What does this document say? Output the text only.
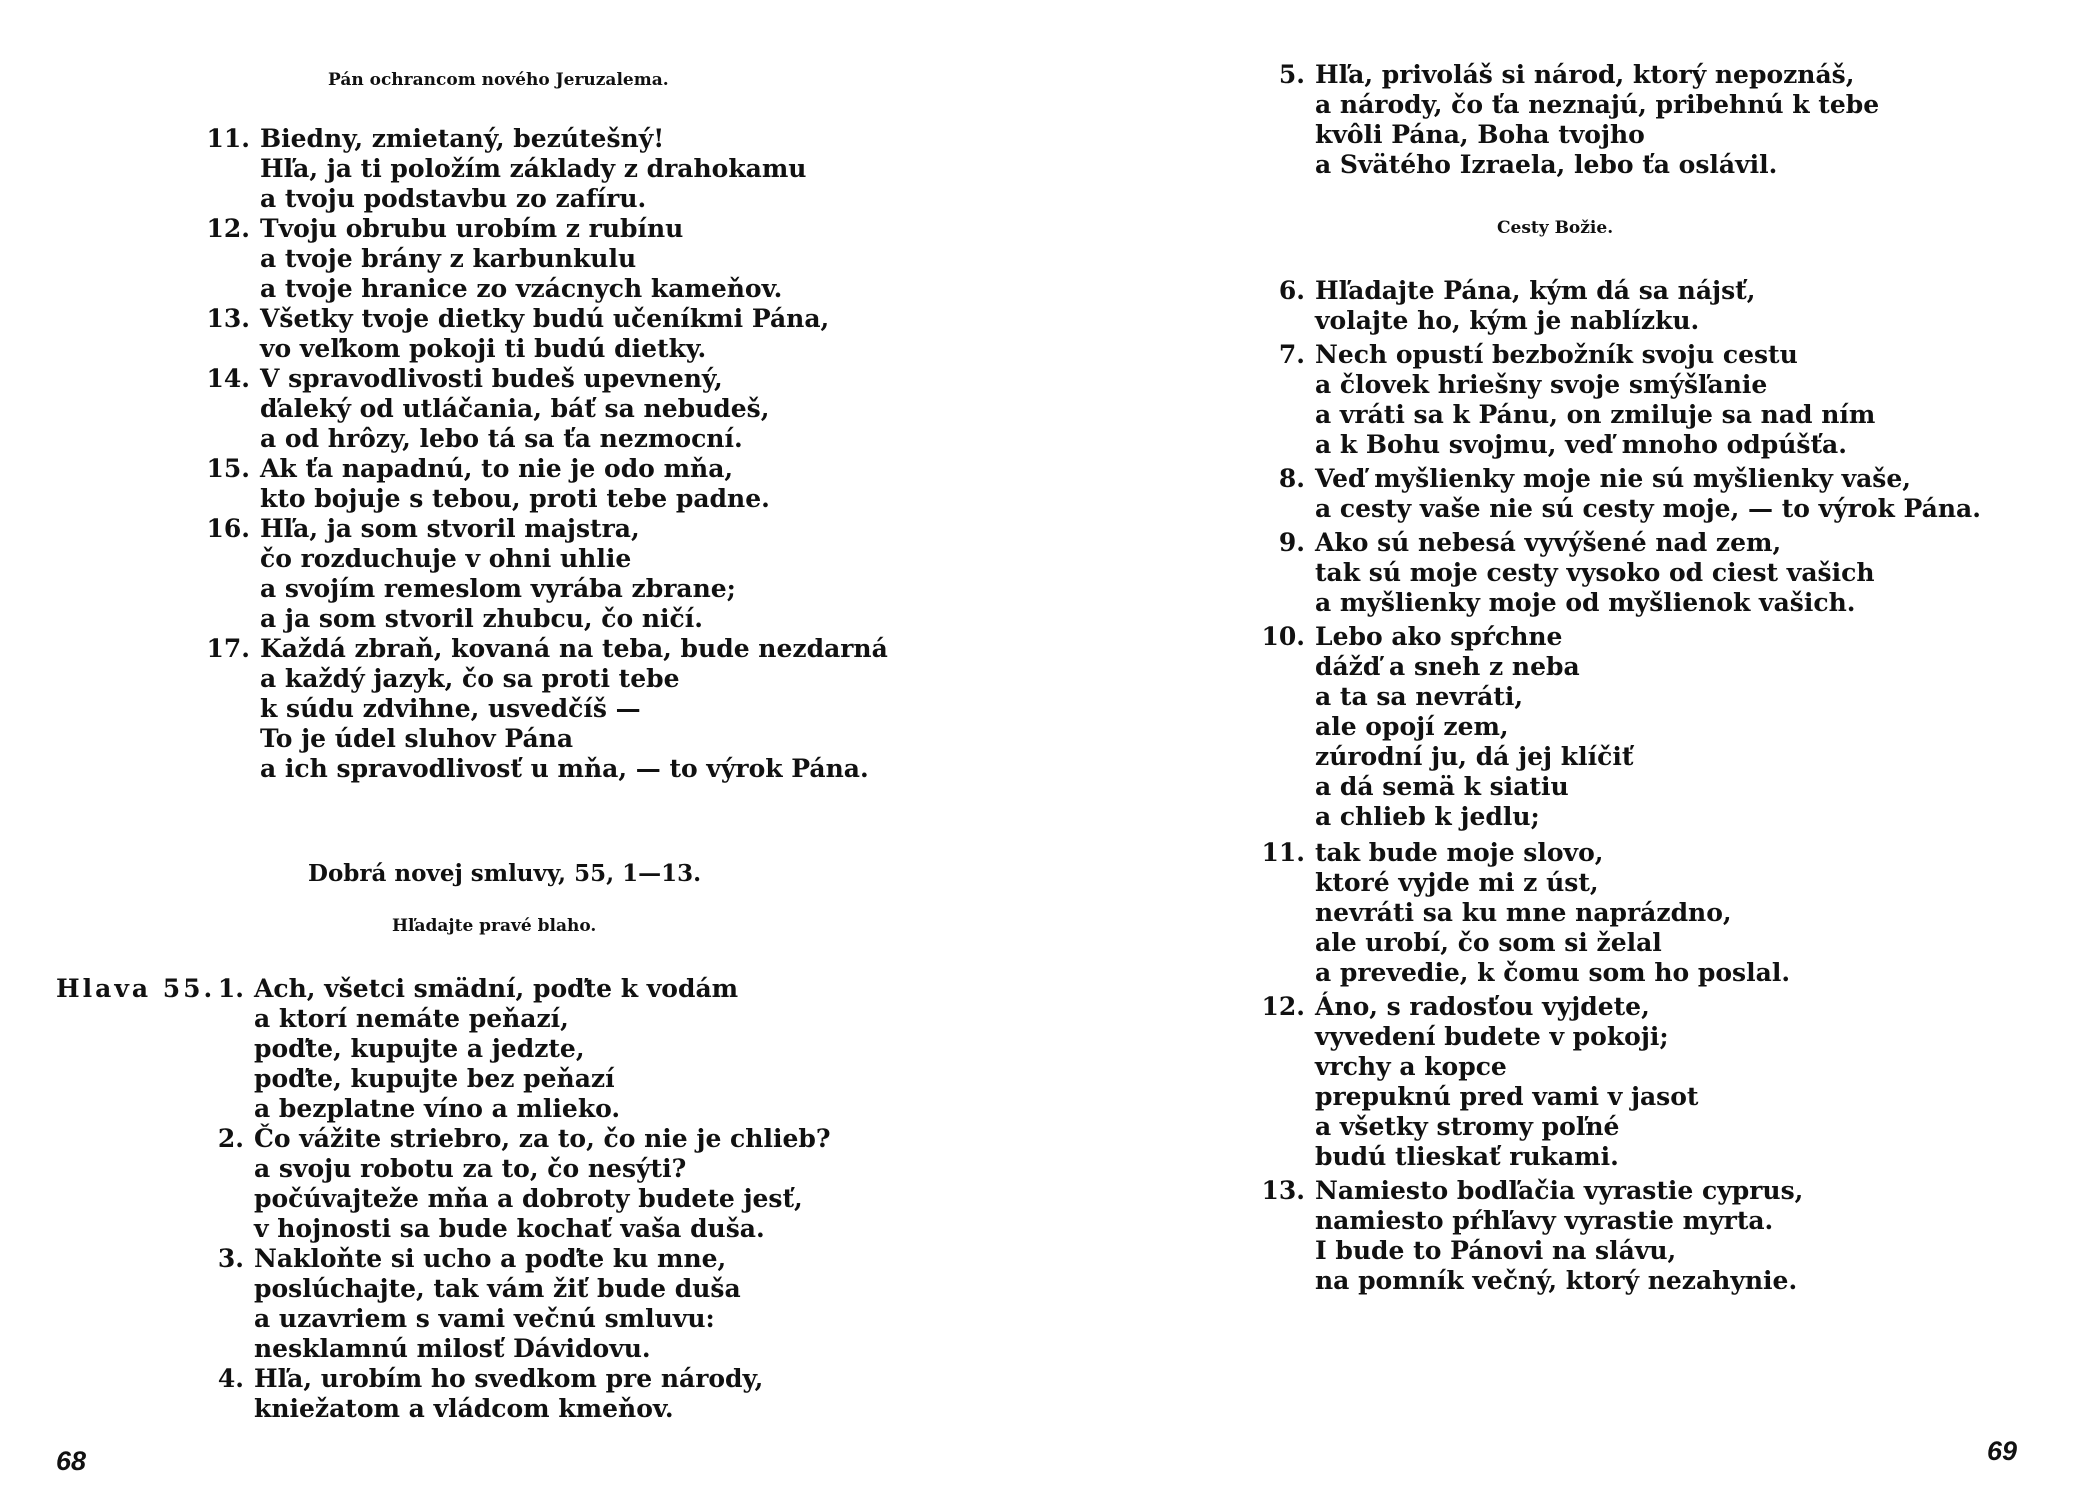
Pán ochrancom nového Jeruzalema.
11. Biedny, zmietaný, bezútešný!
Hľa, ja ti položím základy z drahokamu
a tvoju podstavbu zo zafíru.
12. Tvoju obrubu urobím z rubínu
a tvoje brány z karbunkulu
a tvoje hranice zo vzácnych kameňov.
13. Všetky tvoje dietky budú učeníkmi Pána,
vo veľkom pokoji ti budú dietky.
14. V spravodlivosti budeš upevnený,
ďaleký od utláčania, báť sa nebudeš,
a od hrôzy, lebo tá sa ťa nezmocní.
15. Ak ťa napadnú, to nie je odo mňa,
kto bojuje s tebou, proti tebe padne.
16. Hľa, ja som stvoril majstra,
čo rozduchuje v ohni uhlie
a svojím remeslom vyrába zbrane;
a ja som stvoril zhubcu, čo ničí.
17. Každá zbraň, kovaná na teba, bude nezdarná
a každý jazyk, čo sa proti tebe
k súdu zdvihne, usvedčíš —
To je údel sluhov Pána
a ich spravodlivosť u mňa, — to výrok Pána.
Dobrá novej smluvy, 55, 1—13.
Hľadajte pravé blaho.
Hlava 55. 1. Ach, všetci smädní, poďte k vodám
a ktorí nemáte peňazí,
poďte, kupujte a jedzte,
poďte, kupujte bez peňazí
a bezplatne víno a mlieko.
2. Čo vážite striebro, za to, čo nie je chlieb?
a svoju robotu za to, čo nesýti?
počúvajteže mňa a dobroty budete jesť,
v hojnosti sa bude kochať vaša duša.
3. Nakloňte si ucho a poďte ku mne,
poslúchajte, tak vám žiť bude duša
a uzavriem s vami večnú smluvu:
nesklamnú milosť Dávidovu.
4. Hľa, urobím ho svedkom pre národy,
kniežatom a vládcom kmeňov.
68
5. Hľa, privoláš si národ, ktorý nepoznáš,
a národy, čo ťa neznajú, pribehnú k tebe
kvôli Pána, Boha tvojho
a Svätého Izraela, lebo ťa oslávil.
Cesty Božie.
6. Hľadajte Pána, kým dá sa nájsť,
volajte ho, kým je nablízku.
7. Nech opustí bezbožník svoju cestu
a človek hriešny svoje smýšľanie
a vráti sa k Pánu, on zmiluje sa nad ním
a k Bohu svojmu, veď mnoho odpúšťa.
8. Veď myšlienky moje nie sú myšlienky vaše,
a cesty vaše nie sú cesty moje, — to výrok Pána.
9. Ako sú nebesá vyvýšené nad zem,
tak sú moje cesty vysoko od ciest vašich
a myšlienky moje od myšlienok vašich.
10. Lebo ako spŕchne
dážď a sneh z neba
a ta sa nevráti,
ale opojí zem,
zúrodní ju, dá jej klíčiť
a dá semä k siatiu
a chlieb k jedlu;
11. tak bude moje slovo,
ktoré vyjde mi z úst,
nevráti sa ku mne naprázdno,
ale urobí, čo som si želal
a prevedie, k čomu som ho poslal.
12. Áno, s radosťou vyjdete,
vyvedení budete v pokoji;
vrchy a kopce
prepuknú pred vami v jasot
a všetky stromy poľné
budú tlieskať rukami.
13. Namiesto bodľačia vyrastie cyprus,
namiesto pŕhľavy vyrastie myrta.
I bude to Pánovi na slávu,
na pomník večný, ktorý nezahynie.
69
